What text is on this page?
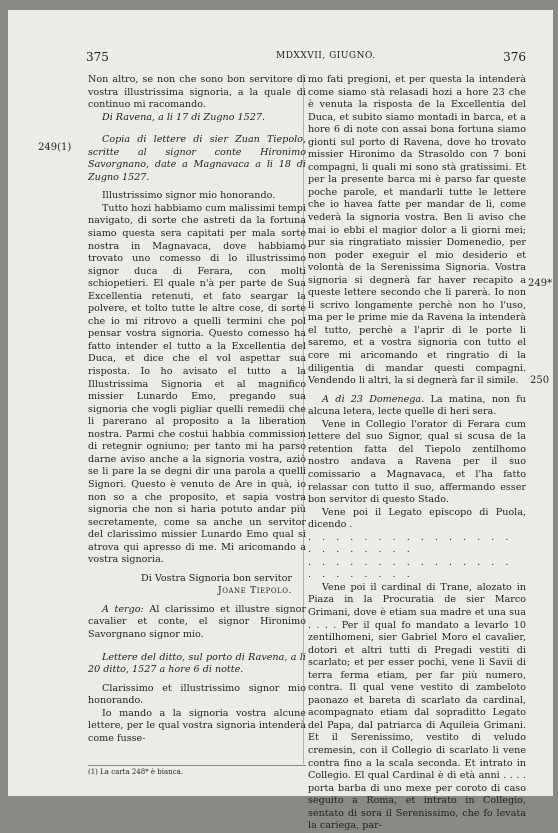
375	MDXXVII, GIUGNO.	376
249(1)
249*
250

Non altro, se non che sono bon servitore di vostra illustrissima signoria, a la quale di continuo mi racomando.

Di Ravena, a li 17 di Zugno 1527.

Copia di lettere di sier Zuan Tiepolo, scritte al signor conte Hironimo Savorgnano, date a Magnavaca a li 18 di Zugno 1527.

Illustrissimo signor mio honorando.

Tutto hozi habbiamo cum malissimi tempi navigato, di sorte che astreti da la fortuna siamo questa sera capitati per mala sorte nostra in Magnavaca, dove habbiamo trovato uno comesso di lo illustrissimo signor duca di Ferara, con molti schiopetieri. El quale n'à per parte de Sua Excellentia retenuti, et fato seargar la polvere, et tolto tutte le altre cose, di sorte che io mi ritrovo a quelli termini che pol pensar vostra signoria. Questo comesso ha fatto intender el tutto a la Excellentia del Duca, et dice che el vol aspettar sua risposta. Io ho avisato el tutto a la Illustrissima Signoria et al magnifico missier Lunardo Emo, pregando sua signoria che vogli pigliar quelli remedii che li parerano al proposito a la liberation nostra. Parmi che costui habbia commission di retegnir ogniuno; per tanto mi ha parso darne aviso anche a la signoria vostra, aziò se li pare la se degni dir una parola a quelli Signori. Questo è venuto de Are in quà, io non so a che proposito, et sapia vostra signoria che non si haria potuto andar più secretamente, come sa anche un servitor del clarissimo missier Lunardo Emo qual si atrova qui apresso di me. Mi aricomando a vostra signoria.

Di Vostra Signoria bon servitor

Joane Tiepolo.

A tergo: Al clarissimo et illustre signor cavalier et conte, el signor Hironimo Savorgnano signor mio.

Lettere del ditto, sul porto di Ravena, a li 20 ditto, 1527 a hore 6 di notte.

Clarissimo et illustrissimo signor mio honorando.

Io mando a la signoria vostra alcune lettere, per le qual vostra signoria intenderà come fusse-

mo fati pregioni, et per questa la intenderà come siamo stà relasadi hozi a hore 23 che è venuta la risposta de la Excellentia del Duca, et subito siamo montadi in barca, et a hore 6 di note con assai bona fortuna siamo gionti sul porto di Ravena, dove ho trovato missier Hironimo da Strasoldo con 7 boni compagni, li quali mi sono stà gratissimi. Et per la presente barca mi è parso far queste poche parole, et mandarli tutte le lettere che io havea fatte per mandar de lì, come vederà la signoria vostra. Ben li aviso che mai io ebbi el magior dolor a li giorni mei; pur sia ringratiato missier Domenedio, per non poder exeguir el mio desiderio et volontà de la Serenissima Signoria. Vostra signoria si degnerà far haver recapito a queste lettere secondo che li parerà. Io non li scrivo longamente perchè non ho l'uso, ma per le prime mie da Ravena la intenderà el tutto, perchè a l'aprir di le porte li saremo, et a vostra signoria con tutto el core mi aricomando et ringratio di la diligentia di mandar questi compagni. Vendendo li altri, la si degnerà far il simile.

A dì 23 Domenega. La matina, non fu alcuna letera, lecte quelle di heri sera.

Vene in Collegio l'orator di Ferara cum lettere del suo Signor, qual si scusa de la retention fatta del Tiepolo zentilhomo nostro andava a Ravena per il suo comissario a Magnavaca, et l'ha fatto relassar con tutto il suo, affermando esser bon servitor di questo Stado.

Vene poi il Legato episcopo di Puola, dicendo .

. . . . . . . . . . . . . . . . . . . . . . .

. . . . . . . . . . . . . . . . . . . . . . .

Vene poi il cardinal di Trane, alozato in Piaza in la Procuratia de sier Marco Grimani, dove è etiam sua madre et una sua . . . . Per il qual fo mandato a levarlo 10 zentilhomeni, sier Gabriel Moro el cavalier, dotori et altri tutti di Pregadi vestiti di scarlato; et per esser pochi, vene li Savii di terra ferma etiam, per far più numero, contra. Il qual vene vestito di zambeloto paonazo et bareta di scarlato da cardinal, acompagnato etiam dal sopraditto Legato del Papa, dal patriarca di Aquileia Grimani. Et il Serenissimo, vestito di veludo cremesin, con il Collegio di scarlato li vene contra fino a la scala seconda. Et intrato in Collegio. El qual Cardinal è di età anni . . . . porta barba di uno mexe per coroto di caso seguito a Roma, et intrato in Collegio, sentato di sora il Serenissimo, che fo levata la cariega, par-

(1) La carta 248* è bianca.
